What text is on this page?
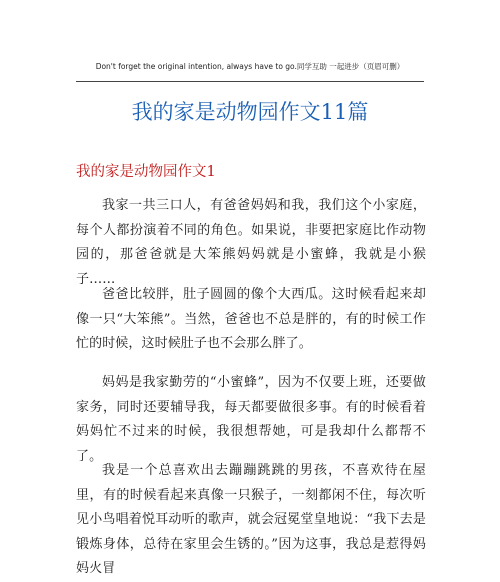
Don't forget the original intention, always have to go.同学互助 一起进步（页眉可删）
我的家是动物园作文11篇
我的家是动物园作文1

我家一共三口人，有爸爸妈妈和我，我们这个小家庭，每个人都扮演着不同的角色。如果说，非要把家庭比作动物园的，那爸爸就是大笨熊妈妈就是小蜜蜂，我就是小猴子……

爸爸比较胖，肚子圆圆的像个大西瓜。这时候看起来却像一只“大笨熊”。当然，爸爸也不总是胖的，有的时候工作忙的时候，这时候肚子也不会那么胖了。

妈妈是我家勤劳的“小蜜蜂”，因为不仅要上班，还要做家务，同时还要辅导我，每天都要做很多事。有的时候看着妈妈忙不过来的时候，我很想帮她，可是我却什么都帮不了。

我是一个总喜欢出去蹦蹦跳跳的男孩，不喜欢待在屋里，有的时候看起来真像一只猴子，一刻都闲不住，每次听见小鸟唱着悦耳动听的歌声，就会冠冕堂皇地说：“我下去是锻炼身体，总待在家里会生锈的。”因为这事，我总是惹得妈妈火冒
